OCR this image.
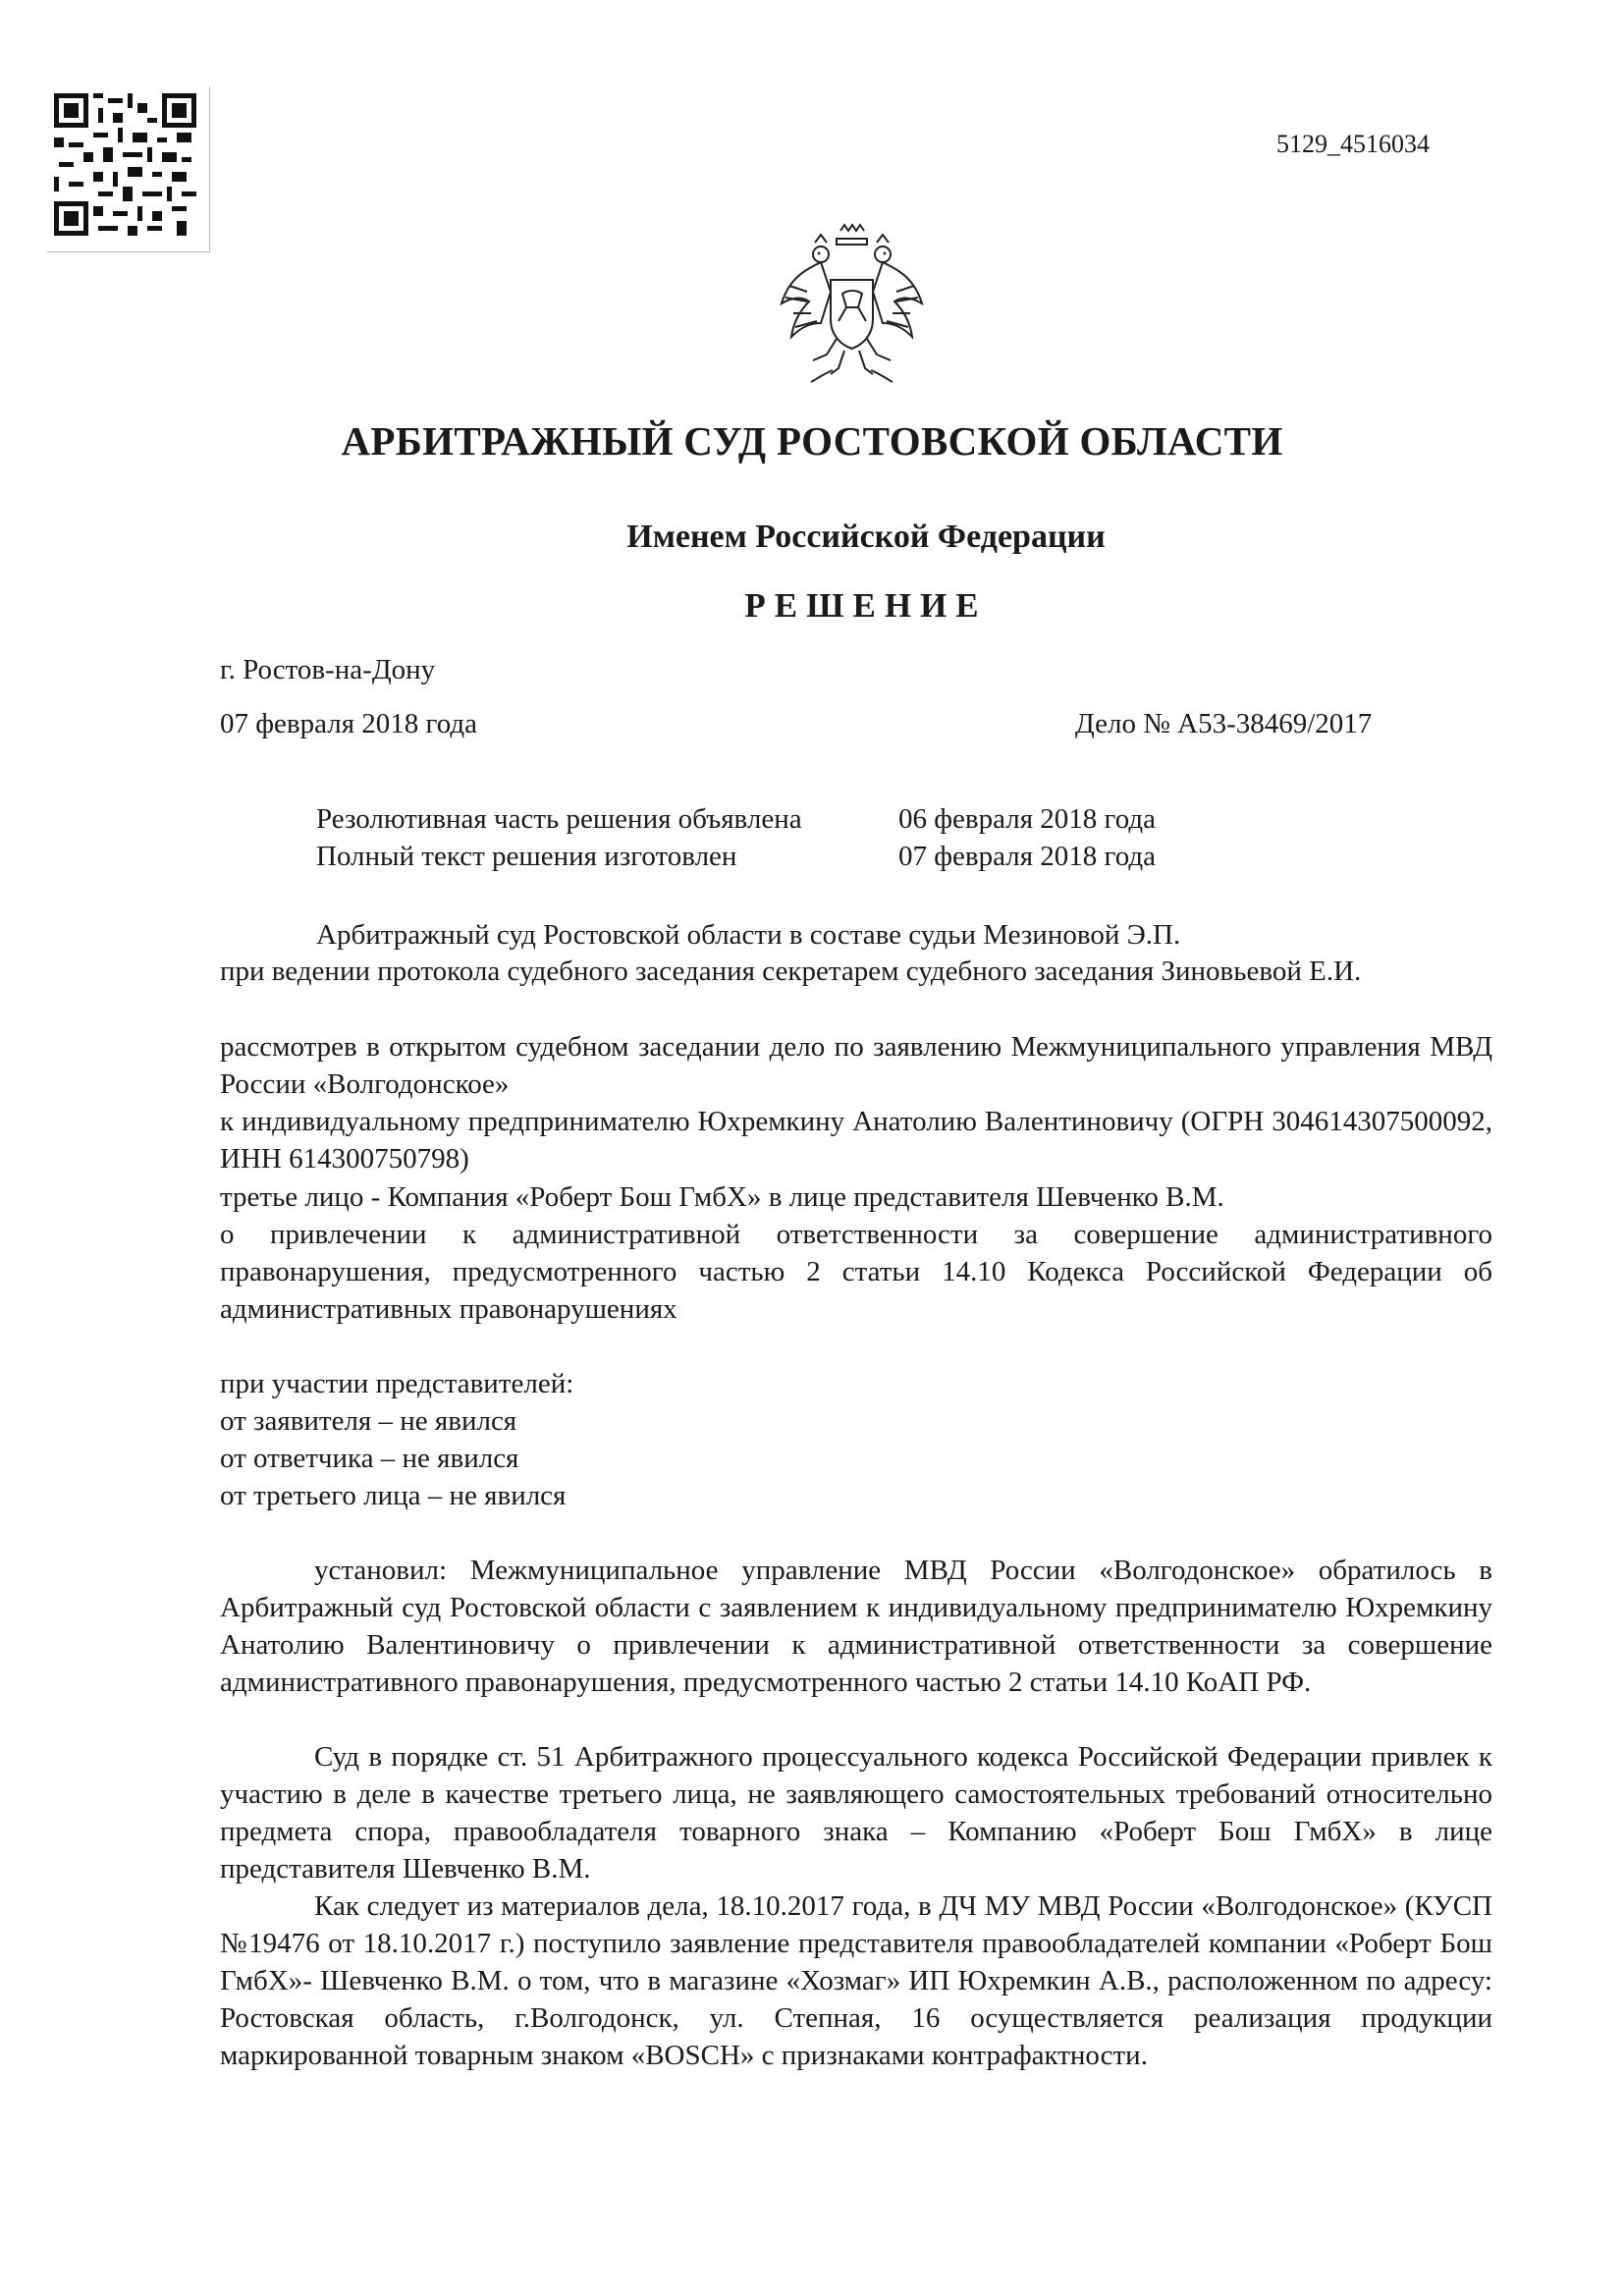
5129_4516034
АРБИТРАЖНЫЙ СУД РОСТОВСКОЙ ОБЛАСТИ
Именем Российской Федерации
РЕШЕНИЕ
г. Ростов-на-Дону
07 февраля 2018 года	Дело № А53-38469/2017
Резолютивная часть решения объявлена	06 февраля 2018 года
Полный текст решения изготовлен	07 февраля 2018 года
Арбитражный суд Ростовской области в составе судьи Мезиновой Э.П.
при ведении протокола судебного заседания секретарем судебного заседания Зиновьевой Е.И.
рассмотрев в открытом судебном заседании дело по заявлению Межмуниципального управления МВД России «Волгодонское»
к индивидуальному предпринимателю Юхремкину Анатолию Валентиновичу (ОГРН 304614307500092, ИНН 614300750798)
третье лицо - Компания «Роберт Бош ГмбХ» в лице представителя Шевченко В.М.
о привлечении к административной ответственности за совершение административного правонарушения, предусмотренного частью 2 статьи 14.10 Кодекса Российской Федерации об административных правонарушениях
при участии представителей:
от заявителя – не явился
от ответчика – не явился
от третьего лица – не явился
установил: Межмуниципальное управление МВД России «Волгодонское» обратилось в Арбитражный суд Ростовской области с заявлением к индивидуальному предпринимателю Юхремкину Анатолию Валентиновичу о привлечении к административной ответственности за совершение административного правонарушения, предусмотренного частью 2 статьи 14.10 КоАП РФ.
Суд в порядке ст. 51 Арбитражного процессуального кодекса Российской Федерации привлек к участию в деле в качестве третьего лица, не заявляющего самостоятельных требований относительно предмета спора, правообладателя товарного знака – Компанию «Роберт Бош ГмбХ» в лице представителя Шевченко В.М.
Как следует из материалов дела, 18.10.2017 года, в ДЧ МУ МВД России «Волгодонское» (КУСП №19476 от 18.10.2017 г.) поступило заявление представителя правообладателей компании «Роберт Бош ГмбХ»- Шевченко В.М. о том, что в магазине «Хозмаг» ИП Юхремкин А.В., расположенном по адресу: Ростовская область, г.Волгодонск, ул. Степная, 16 осуществляется реализация продукции маркированной товарным знаком «BOSCH» с признаками контрафактности.
